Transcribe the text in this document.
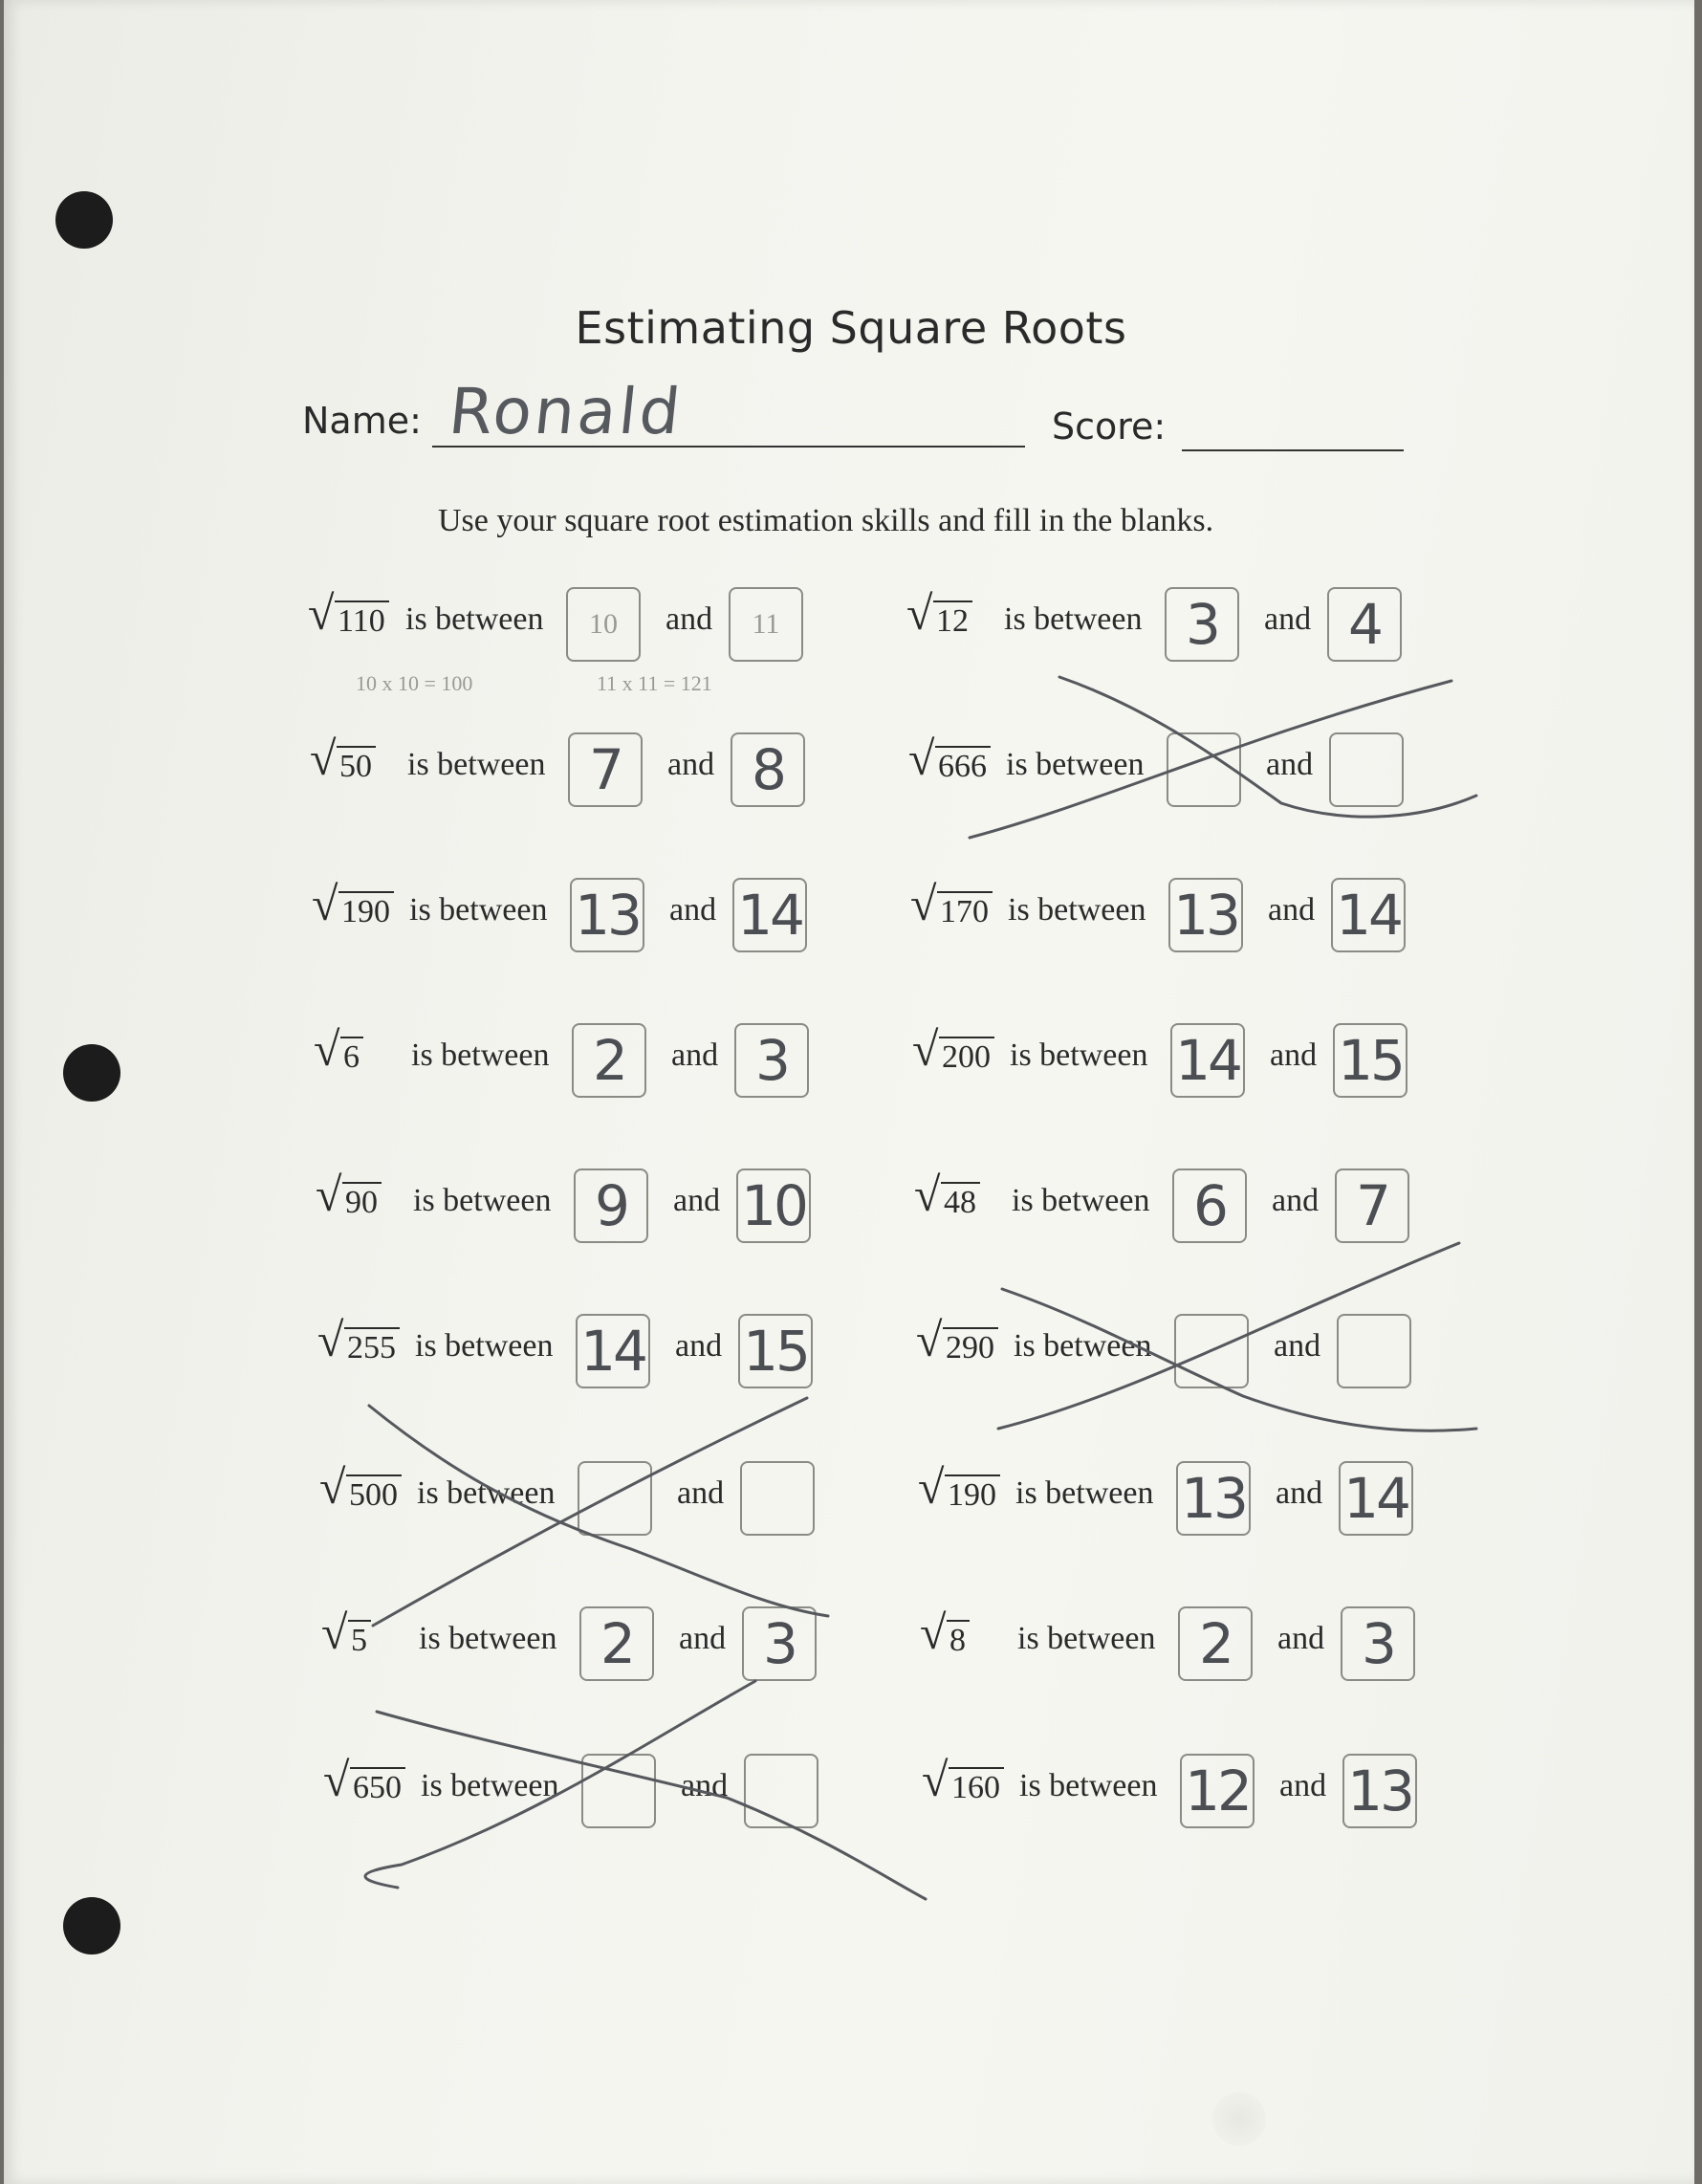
Estimating Square Roots
Name: Ronald	Score:
Use your square root estimation skills and fill in the blanks.
√ 110 is between	10	and	11	√ 12 is between 3	and 4
√ 50 is between 7	and 8	√ 666 is between	and
√ 190 is between 13 and 14 √ 170 is between 13 and 14
√ 6 is between 2	and 3	√ 200 is between 14 and 15
√ 90 is between 9	and 10 √ 48 is between 6	and 7
√ 255 is between 14 and 15 √ 290 is between	and
√ 500 is between	and	√ 190 is between 13 and 14
√ 5 is between 2	and 3	√ 8 is between 2	and 3
√ 650 is between	and	√ 160 is between 12 and 13
10 x 10 = 100	11 x 11 = 121
